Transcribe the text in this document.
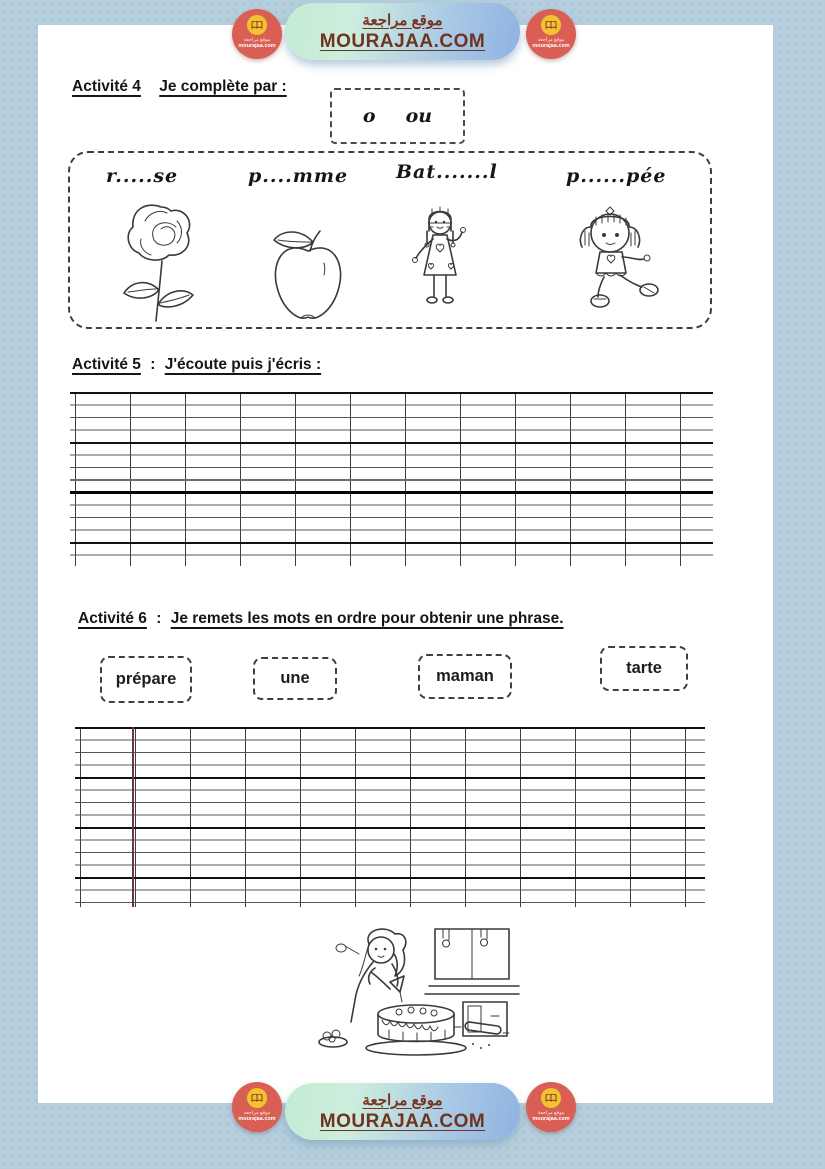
Activité 4 Je complète par :
o ou
r.....se	p....mme	Bat.......l	p......pée
Activité 5 : J'écoute puis j'écris :
Activité 6 : Je remets les mots en ordre pour obtenir une phrase.
prépare	une	maman	tarte
موقع مراجعة
MOURAJAA.COM
موقع مراجعة
mourajaa.com
موقع مراجعة
mourajaa.com
موقع مراجعة
MOURAJAA.COM
موقع مراجعة
mourajaa.com
موقع مراجعة
mourajaa.com
